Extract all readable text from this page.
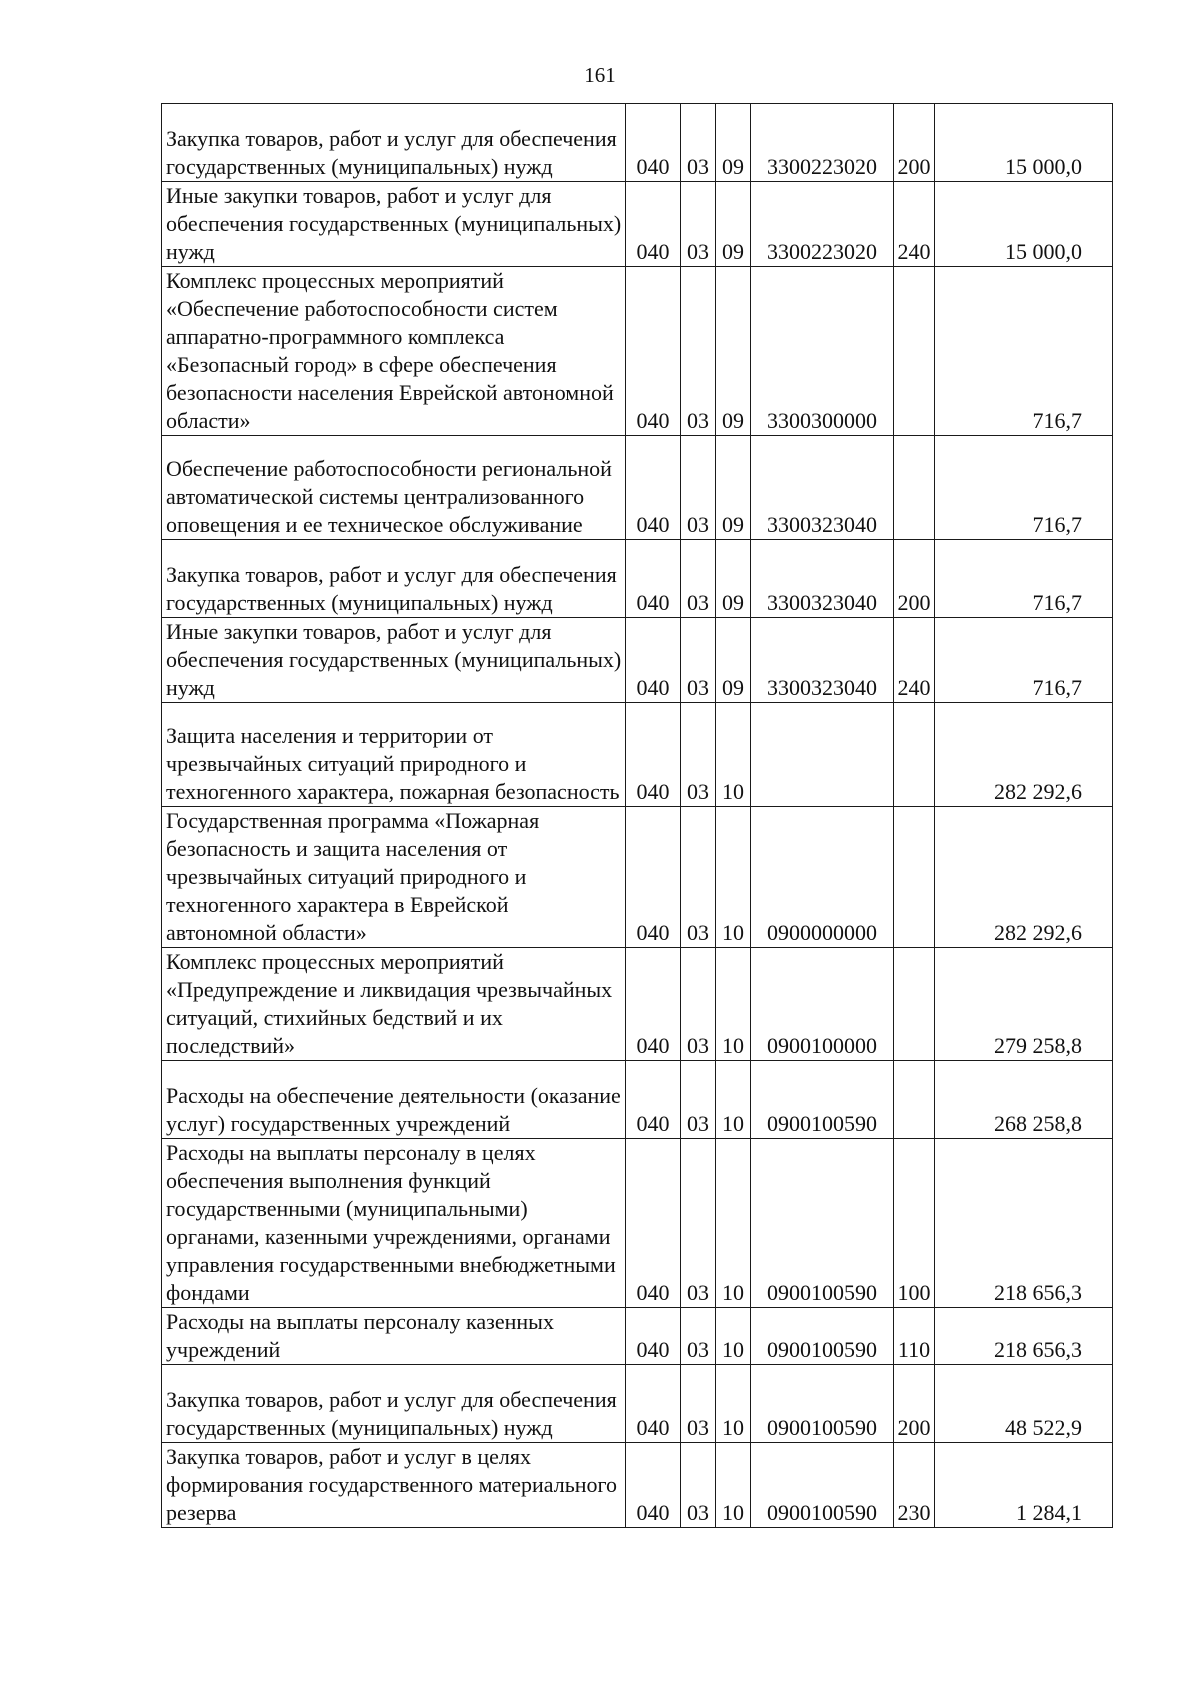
161
Закупка товаров, работ и услуг для обеспечения государственных (муниципальных) нужд	040	03	09	3300223020	200	15 000,0
Иные закупки товаров, работ и услуг для обеспечения государственных (муниципальных) нужд	040	03	09	3300223020	240	15 000,0
Комплекс процессных мероприятий «Обеспечение работоспособности систем аппаратно-программного комплекса «Безопасный город» в сфере обеспечения безопасности населения Еврейской автономной области»	040	03	09	3300300000		716,7
Обеспечение работоспособности региональной автоматической системы централизованного оповещения и ее техническое обслуживание	040	03	09	3300323040		716,7
Закупка товаров, работ и услуг для обеспечения государственных (муниципальных) нужд	040	03	09	3300323040	200	716,7
Иные закупки товаров, работ и услуг для обеспечения государственных (муниципальных) нужд	040	03	09	3300323040	240	716,7
Защита населения и территории от чрезвычайных ситуаций природного и техногенного характера, пожарная безопасность	040	03	10			282 292,6
Государственная программа «Пожарная безопасность и защита населения от чрезвычайных ситуаций природного и техногенного характера в Еврейской автономной области»	040	03	10	0900000000		282 292,6
Комплекс процессных мероприятий «Предупреждение и ликвидация чрезвычайных ситуаций, стихийных бедствий и их последствий»	040	03	10	0900100000		279 258,8
Расходы на обеспечение деятельности (оказание услуг) государственных учреждений	040	03	10	0900100590		268 258,8
Расходы на выплаты персоналу в целях обеспечения выполнения функций государственными (муниципальными) органами, казенными учреждениями, органами управления государственными внебюджетными фондами	040	03	10	0900100590	100	218 656,3
Расходы на выплаты персоналу казенных учреждений	040	03	10	0900100590	110	218 656,3
Закупка товаров, работ и услуг для обеспечения государственных (муниципальных) нужд	040	03	10	0900100590	200	48 522,9
Закупка товаров, работ и услуг в целях формирования государственного материального резерва	040	03	10	0900100590	230	1 284,1
